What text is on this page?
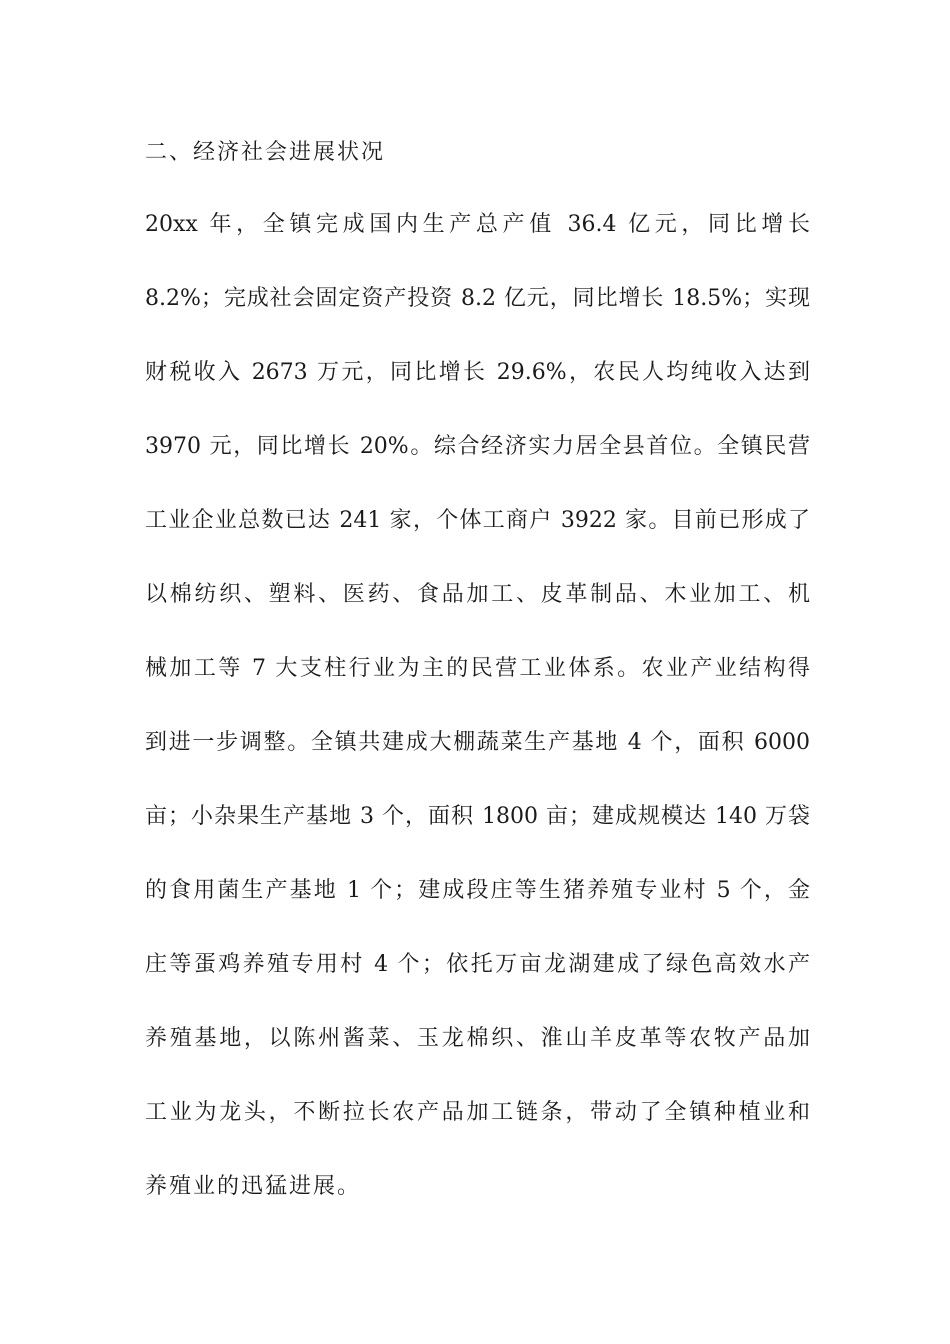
二、经济社会进展状况
20xx 年，全镇完成国内生产总产值 36.4 亿元，同比增长
8.2%；完成社会固定资产投资 8.2 亿元，同比增长 18.5%；实现
财税收入 2673 万元，同比增长 29.6%，农民人均纯收入达到
3970 元，同比增长 20%。综合经济实力居全县首位。全镇民营
工业企业总数已达 241 家，个体工商户 3922 家。目前已形成了
以棉纺织、塑料、医药、食品加工、皮革制品、木业加工、机
械加工等 7 大支柱行业为主的民营工业体系。农业产业结构得
到进一步调整。全镇共建成大棚蔬菜生产基地 4 个，面积 6000
亩；小杂果生产基地 3 个，面积 1800 亩；建成规模达 140 万袋
的食用菌生产基地 1 个；建成段庄等生猪养殖专业村 5 个，金
庄等蛋鸡养殖专用村 4 个；依托万亩龙湖建成了绿色高效水产
养殖基地，以陈州酱菜、玉龙棉织、淮山羊皮革等农牧产品加
工业为龙头，不断拉长农产品加工链条，带动了全镇种植业和
养殖业的迅猛进展。
